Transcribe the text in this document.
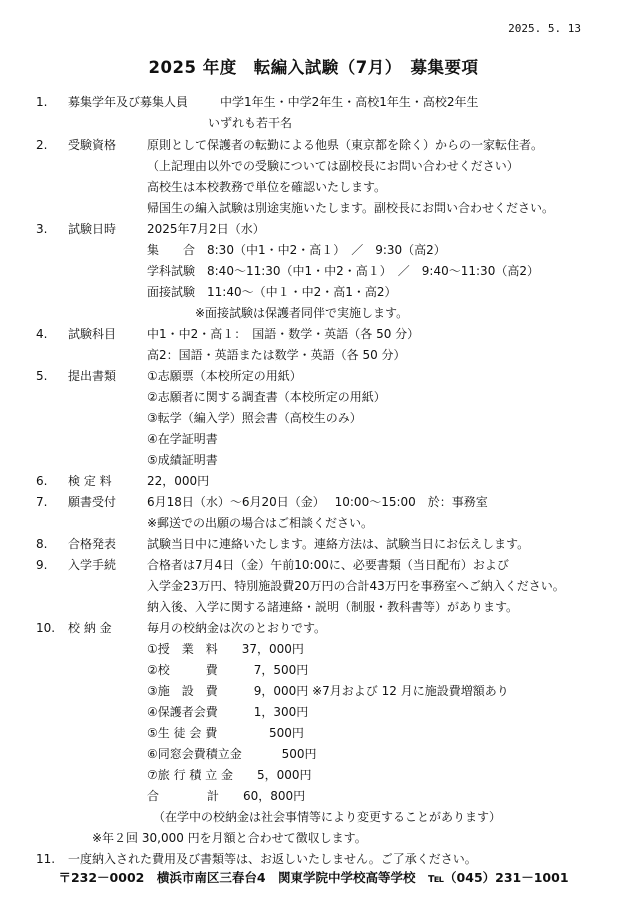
2025. 5. 13
2025 年度　転編入試験（7月）　募集要項
1. 募集学年及び募集人員	中学1年生・中学2年生・高校1年生・高校2年生
いずれも若干名
2. 受験資格	原則として保護者の転勤による他県（東京都を除く）からの一家転住者。
（上記理由以外での受験については副校長にお問い合わせください）
高校生は本校教務で単位を確認いたします。
帰国生の編入試験は別途実施いたします。副校長にお問い合わせください。
3. 試験日時	2025年7月2日（水）
集　　合　8:30（中1・中2・高１）　／　9:30（高2）
学科試験　8:40～11:30（中1・中2・高１）　／　9:40～11:30（高2）
面接試験　11:40～（中１・中2・高1・高2）
　　　　※面接試験は保護者同伴で実施します。
4. 試験科目	中1・中2・高１：　国語・数学・英語（各 50 分）
高2：国語・英語または数学・英語（各 50 分）
5. 提出書類	①志願票（本校所定の用紙）
②志願者に関する調査書（本校所定の用紙）
③転学（編入学）照会書（高校生のみ）
④在学証明書
⑤成績証明書
6. 検 定 料	22，000円
7. 願書受付	6月18日（水）～6月20日（金）　 10:00～15:00　於：事務室
※郵送での出願の場合はご相談ください。
8. 合格発表	試験当日中に連絡いたします。連絡方法は、試験当日にお伝えします。
9. 入学手続	合格者は7月4日（金）午前10:00に、必要書類（当日配布）および
入学金23万円、特別施設費20万円の合計43万円を事務室へご納入ください。
納入後、入学に関する諸連絡・説明（制服・教科書等）があります。
10. 校 納 金	毎月の校納金は次のとおりです。
①授　業　料　　37，000円
②校　　　費　　　7，500円
③施　設　費　　　9，000円 ※7月および 12 月に施設費増額あり
④保護者会費　　　1，300円
⑤生 徒 会 費　　　　 500円
⑥同窓会費積立金　　　 500円
⑦旅 行 積 立 金　　5，000円
合　　　　計　　60，800円
　（在学中の校納金は社会事情等により変更することがあります）
※年２回 30,000 円を月額と合わせて徴収します。
11. 一度納入された費用及び書類等は、お返しいたしません。ご了承ください。
〒232－0002　横浜市南区三春台4　関東学院中学校高等学校　℡（045）231－1001
